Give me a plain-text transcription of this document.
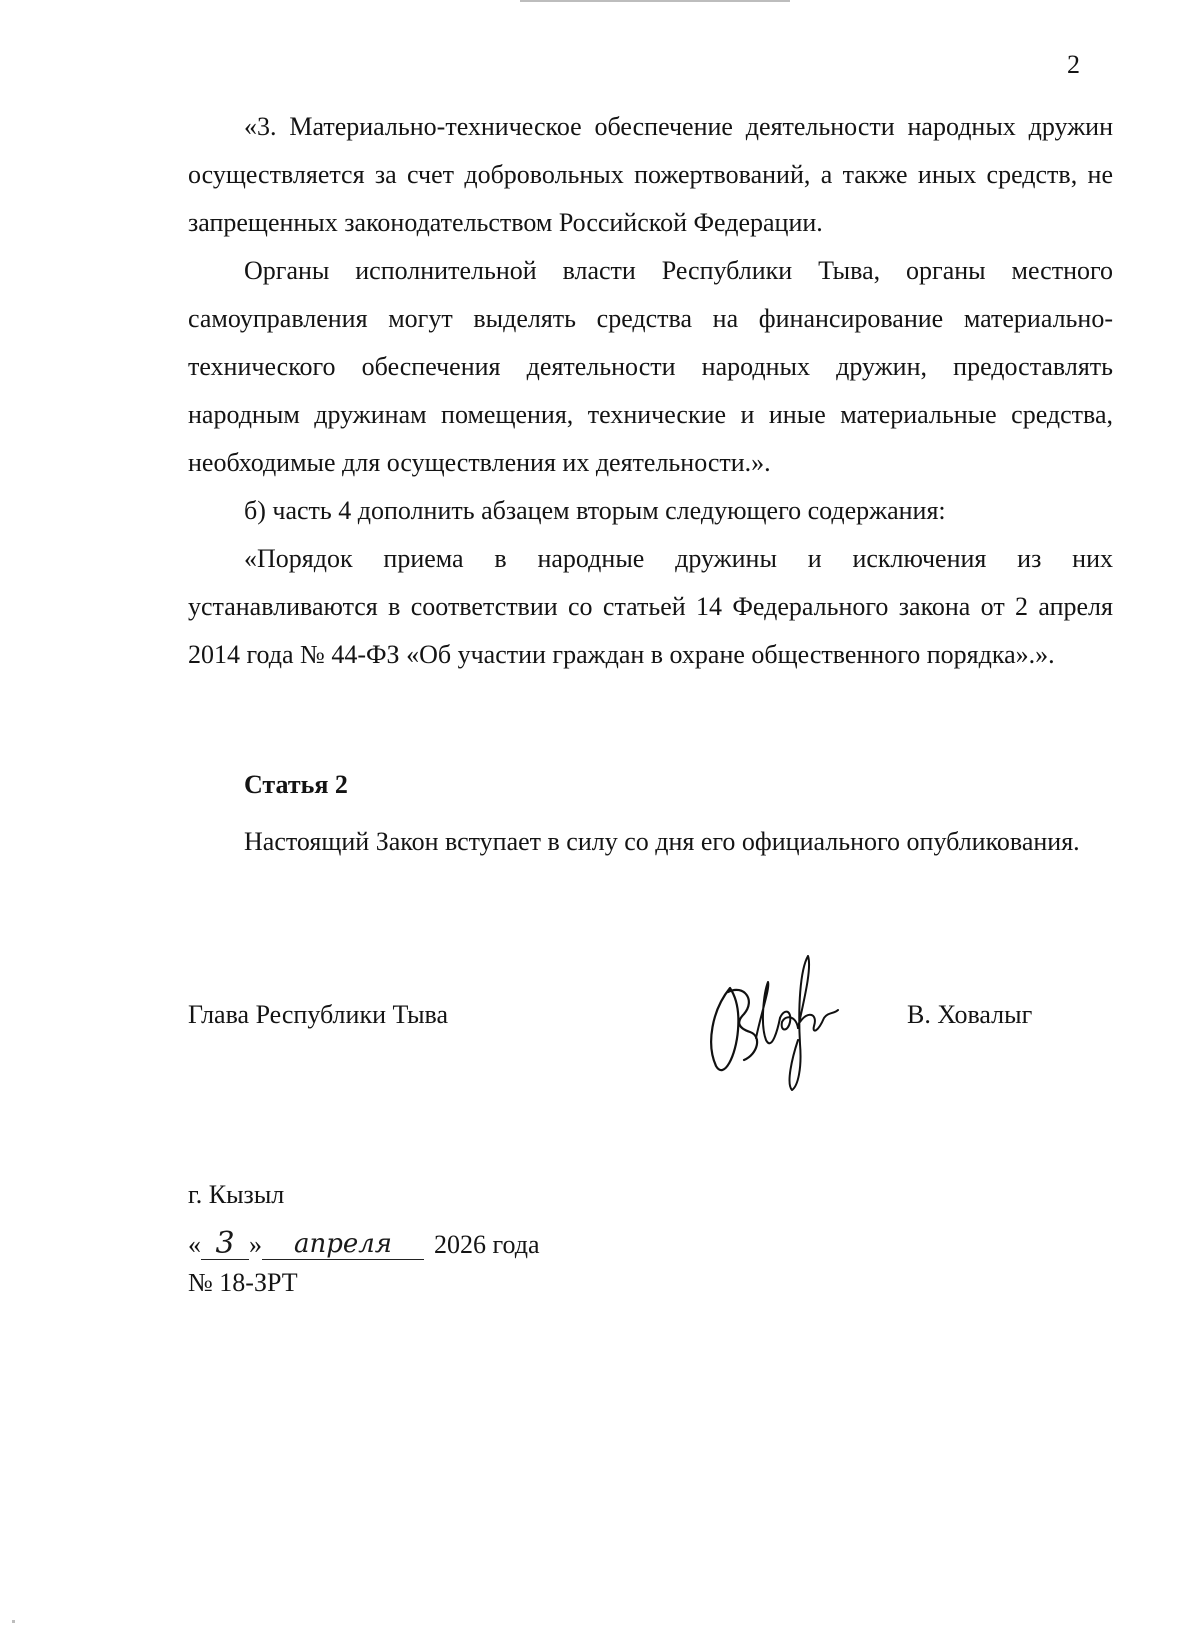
2

«3. Материально-техническое обеспечение деятельности народных дружин осуществляется за счет добровольных пожертвований, а также иных средств, не запрещенных законодательством Российской Федерации.

Органы исполнительной власти Республики Тыва, органы местного самоуправления могут выделять средства на финансирование материально-технического обеспечения деятельности народных дружин, предоставлять народным дружинам помещения, технические и иные материальные средства, необходимые для осуществления их деятельности.».

б) часть 4 дополнить абзацем вторым следующего содержания:

«Порядок приема в народные дружины и исключения из них устанавливаются в соответствии со статьей 14 Федерального закона от 2 апреля 2014 года № 44-ФЗ «Об участии граждан в охране общественного порядка».».

Статья 2

Настоящий Закон вступает в силу со дня его официального опубликования.

Глава Республики Тыва	В. Ховалыг
г. Кызыл
« 3 »	апреля	2026 года
№ 18-ЗРТ
